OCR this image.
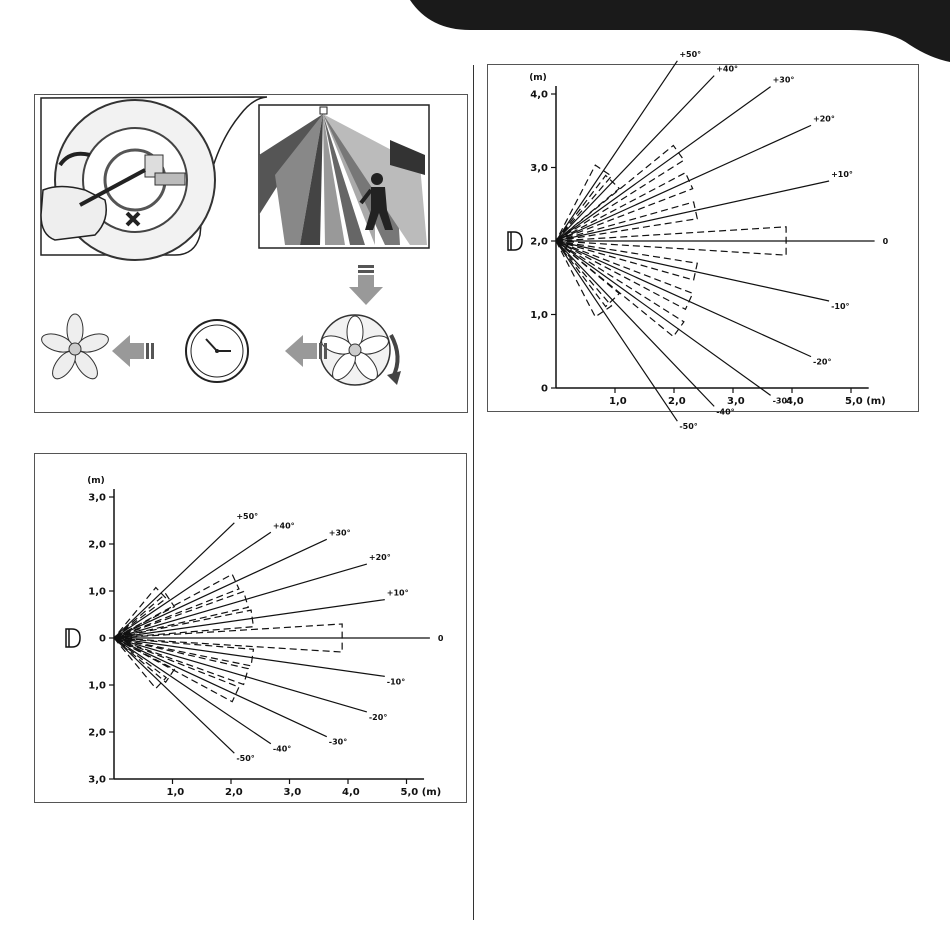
(m)
0
1,0
2,0
3,0
4,0
1,0	2,0	3,0	4,0	5,0 (m)
+50°
+40°
+30°
+20°
+10°
0
-10°
-20°
-30°
-40°
-50°
(m)
3,0
2,0
1,0
0
1,0
2,0
3,0
1,0	2,0	3,0	4,0	5,0 (m)
+50°
+40°
+30°
+20°
+10°
0
-10°
-20°
-30°
-40°
-50°
